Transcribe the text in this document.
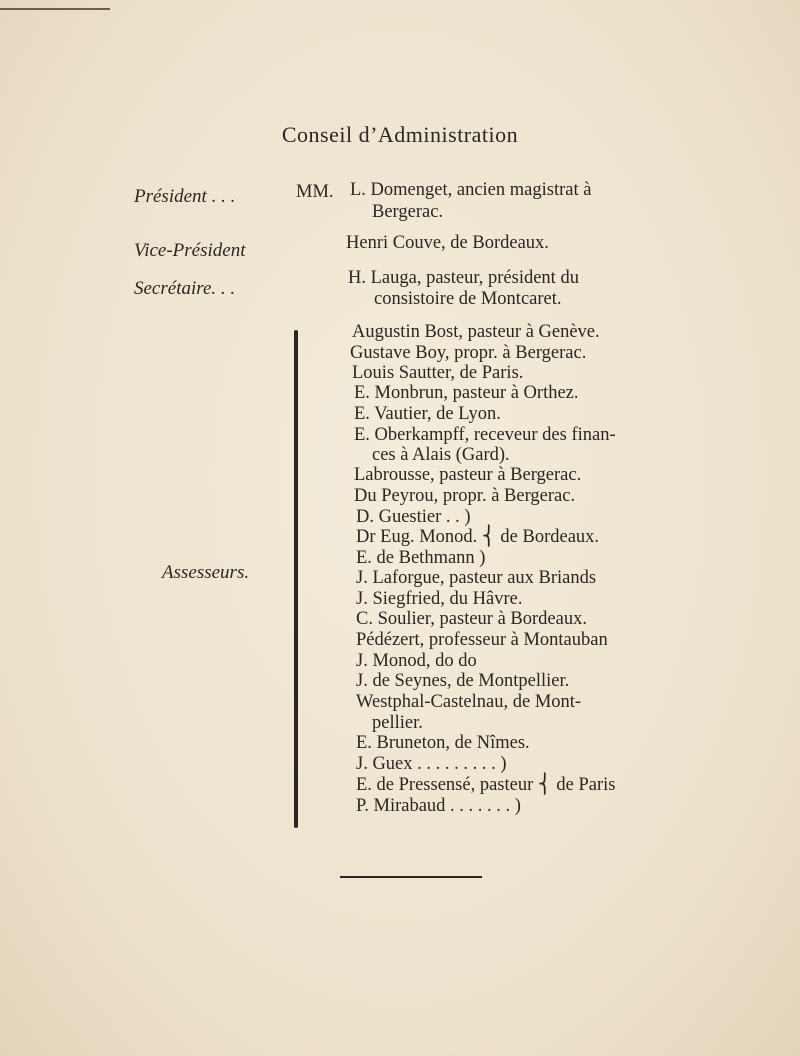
Conseil d’Administration
Président . . .	MM. L. Domenget, ancien magistrat à
Bergerac.
Vice-Président	Henri Couve, de Bordeaux.
Secrétaire. . .	H. Lauga, pasteur, président du
consistoire de Montcaret.
Assesseurs.
Augustin Bost, pasteur à Genève.
Gustave Boy, propr. à Bergerac.
Louis Sautter, de Paris.
E. Monbrun, pasteur à Orthez.
E. Vautier, de Lyon.
E. Oberkampff, receveur des finan-
ces à Alais (Gard).
Labrousse, pasteur à Bergerac.
Du Peyrou, propr. à Bergerac.
D. Guestier . . )
Dr Eug. Monod. ⎨ de Bordeaux.
E. de Bethmann )
J. Laforgue, pasteur aux Briands
J. Siegfried, du Hâvre.
C. Soulier, pasteur à Bordeaux.
Pédézert, professeur à Montauban
J. Monod, do do
J. de Seynes, de Montpellier.
Westphal-Castelnau, de Mont-
pellier.
E. Bruneton, de Nîmes.
J. Guex . . . . . . . . . )
E. de Pressensé, pasteur ⎨ de Paris
P. Mirabaud . . . . . . . )
